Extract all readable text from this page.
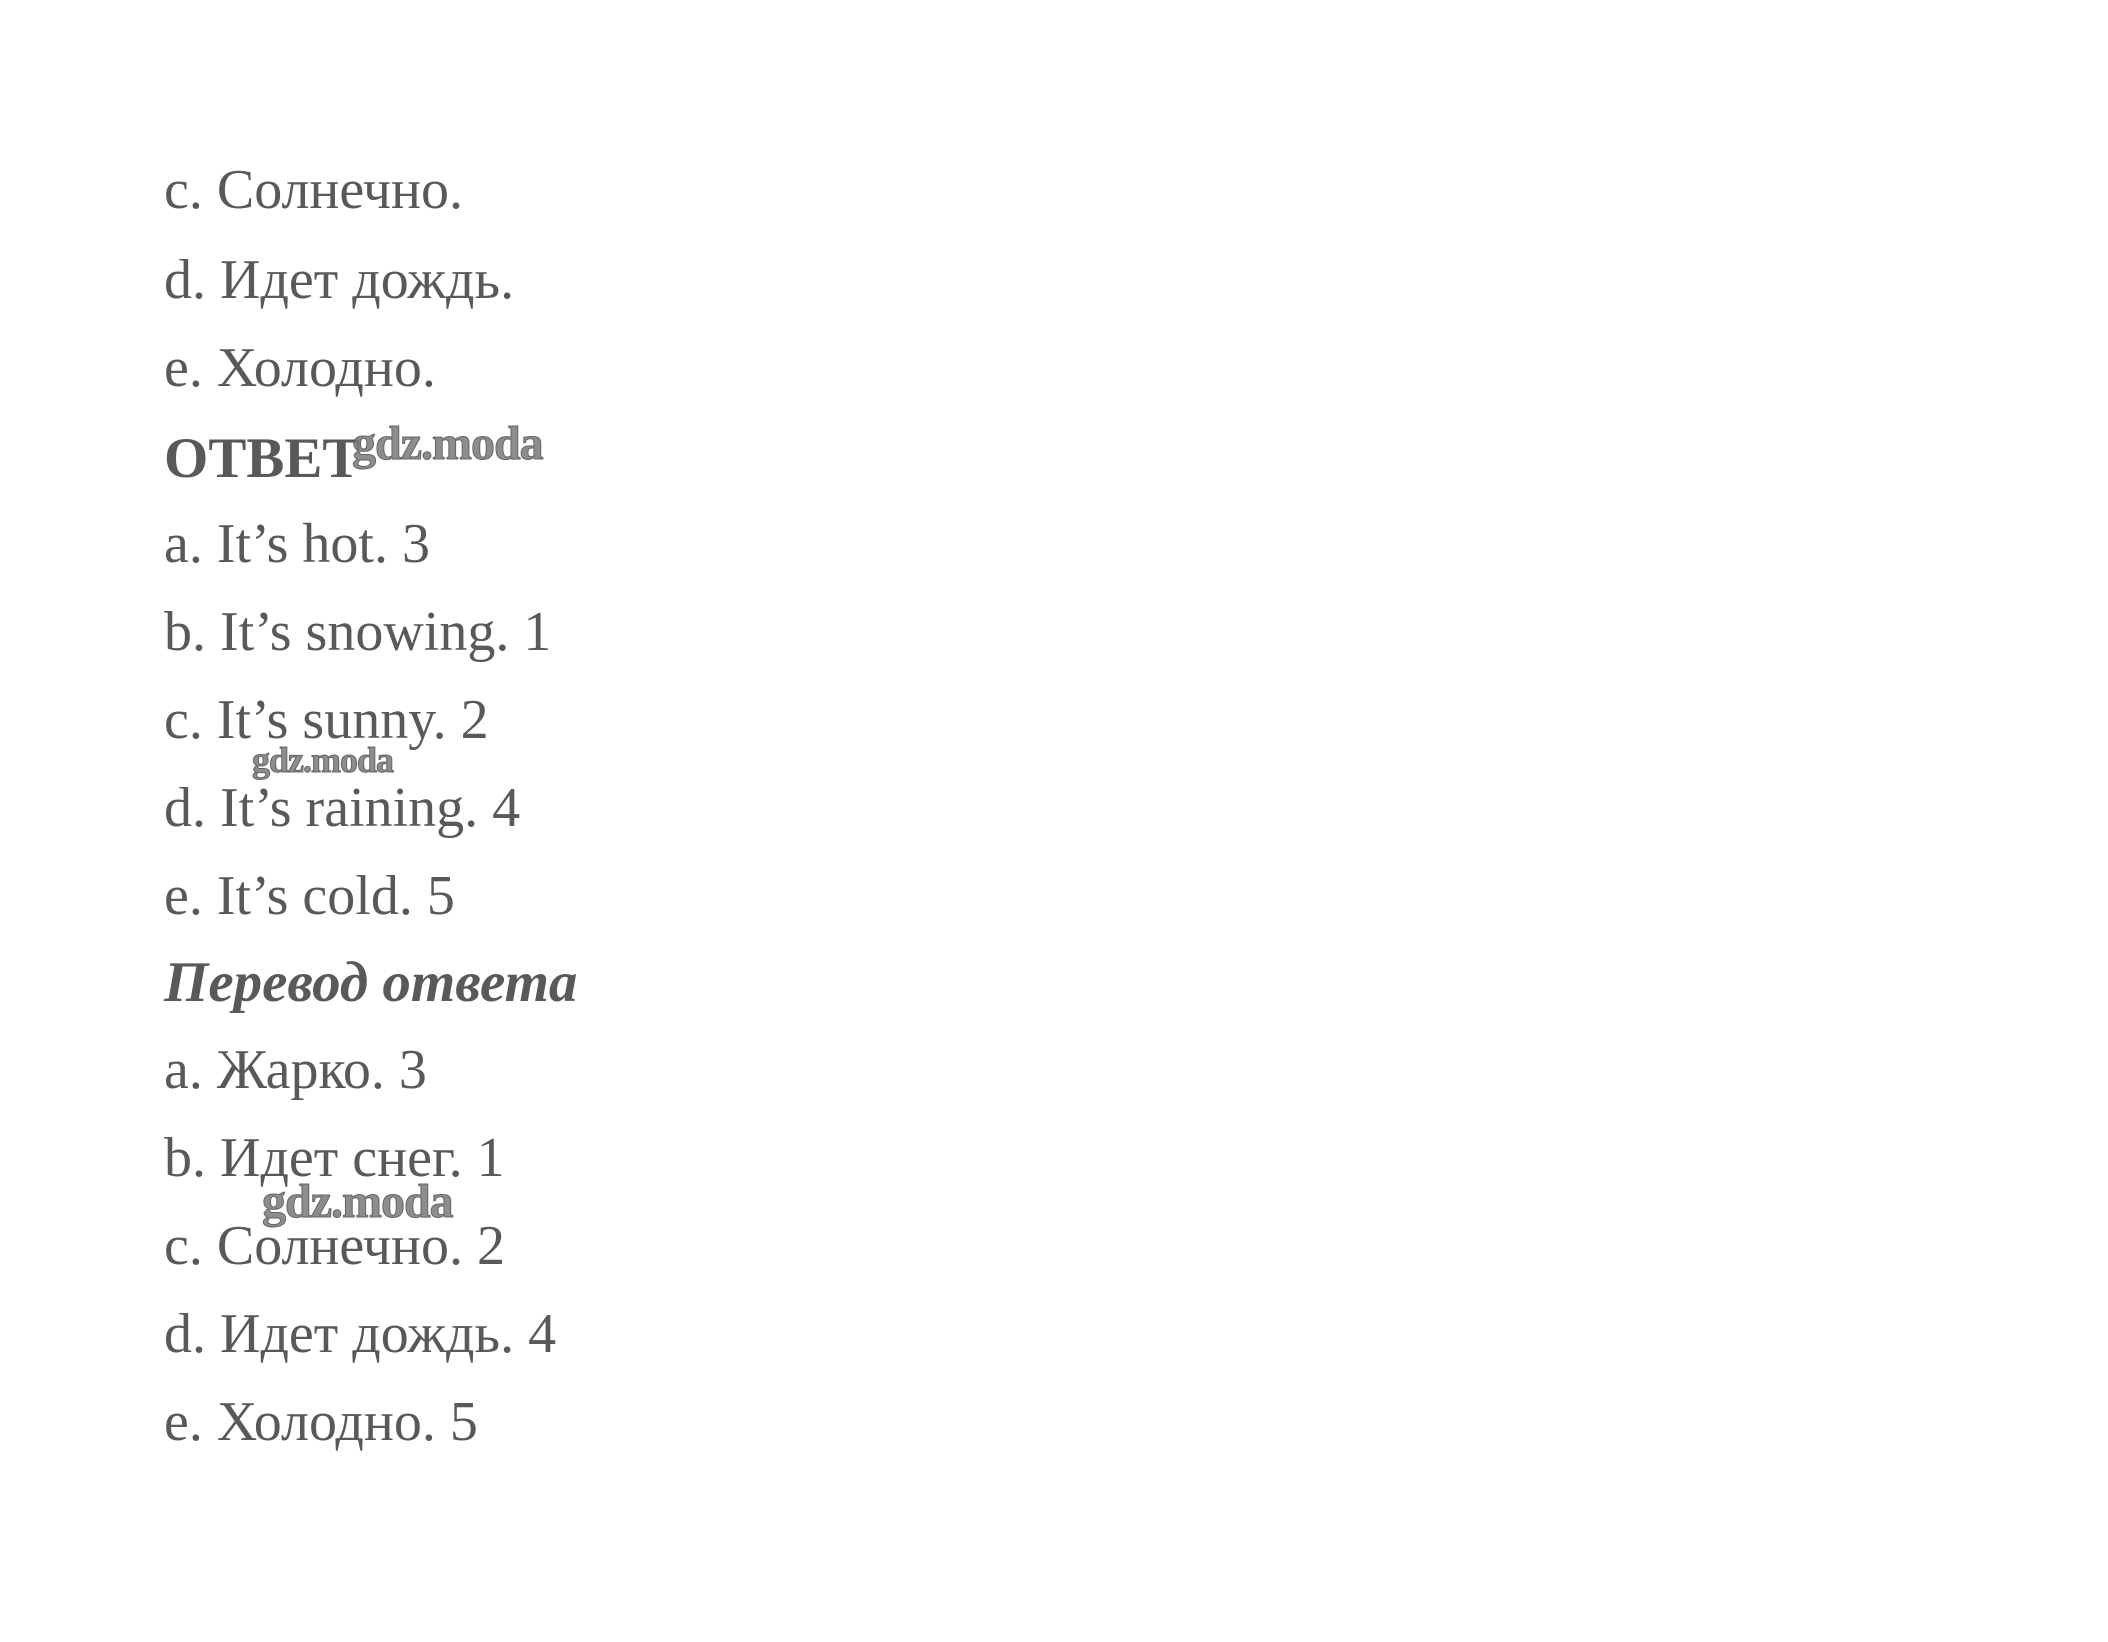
c. Солнечно.

d. Идет дождь.

e. Холодно.

ОТВЕТ
gdz.moda

a. It’s hot. 3

b. It’s snowing. 1

c. It’s sunny. 2

gdz.moda

d. It’s raining. 4

e. It’s cold. 5

Перевод ответа

a. Жарко. 3

b. Идет снег. 1

gdz.moda

c. Солнечно. 2

d. Идет дождь. 4

e. Холодно. 5
